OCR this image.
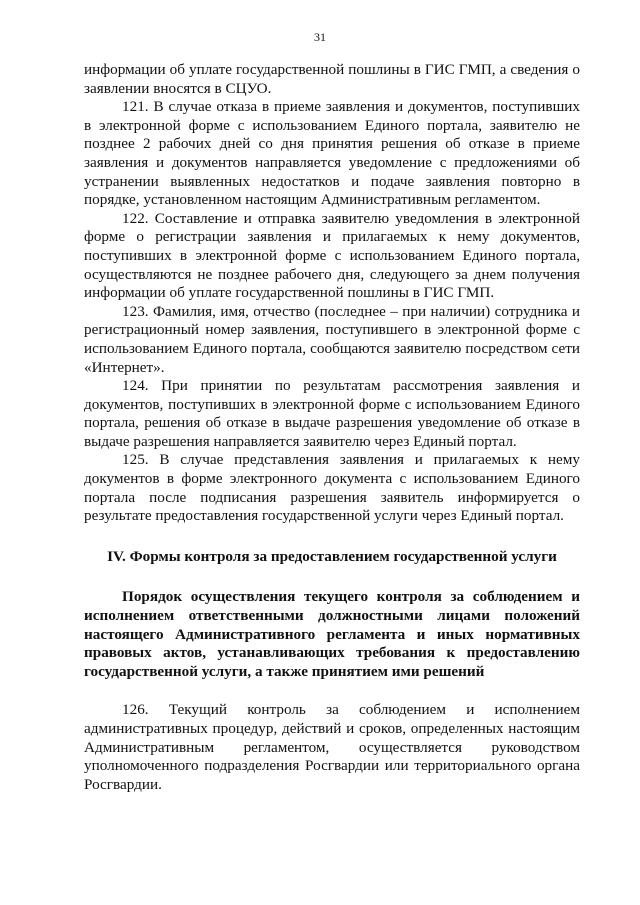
31

информации об уплате государственной пошлины в ГИС ГМП, а сведения о заявлении вносятся в СЦУО.

121. В случае отказа в приеме заявления и документов, поступивших в электронной форме с использованием Единого портала, заявителю не позднее 2 рабочих дней со дня принятия решения об отказе в приеме заявления и документов направляется уведомление с предложениями об устранении выявленных недостатков и подаче заявления повторно в порядке, установленном настоящим Административным регламентом.

122. Составление и отправка заявителю уведомления в электронной форме о регистрации заявления и прилагаемых к нему документов, поступивших в электронной форме с использованием Единого портала, осуществляются не позднее рабочего дня, следующего за днем получения информации об уплате государственной пошлины в ГИС ГМП.

123. Фамилия, имя, отчество (последнее – при наличии) сотрудника и регистрационный номер заявления, поступившего в электронной форме с использованием Единого портала, сообщаются заявителю посредством сети «Интернет».

124. При принятии по результатам рассмотрения заявления и документов, поступивших в электронной форме с использованием Единого портала, решения об отказе в выдаче разрешения уведомление об отказе в выдаче разрешения направляется заявителю через Единый портал.

125. В случае представления заявления и прилагаемых к нему документов в форме электронного документа с использованием Единого портала после подписания разрешения заявитель информируется о результате предоставления государственной услуги через Единый портал.

IV. Формы контроля за предоставлением государственной услуги

Порядок осуществления текущего контроля за соблюдением и исполнением ответственными должностными лицами положений настоящего Административного регламента и иных нормативных правовых актов, устанавливающих требования к предоставлению государственной услуги, а также принятием ими решений

126. Текущий контроль за соблюдением и исполнением административных процедур, действий и сроков, определенных настоящим Административным регламентом, осуществляется руководством уполномоченного подразделения Росгвардии или территориального органа Росгвардии.
